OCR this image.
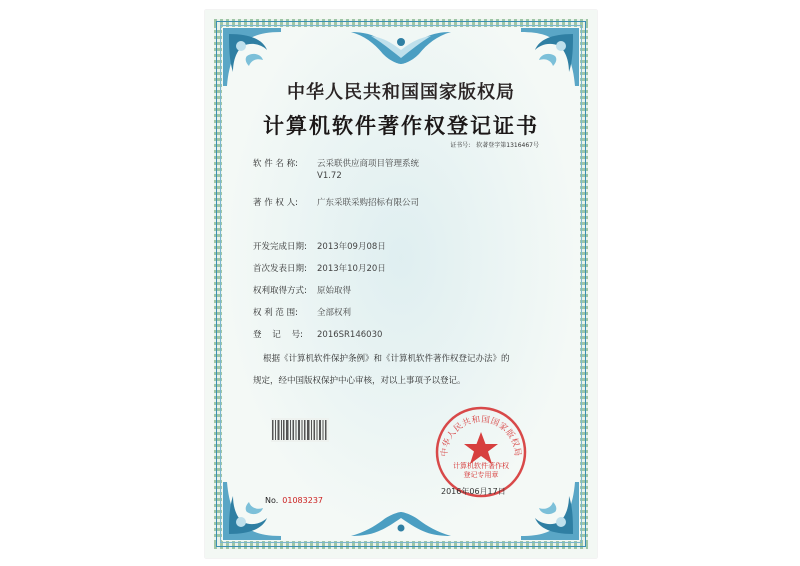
中华人民共和国国家版权局
计算机软件著作权登记证书
证书号: 软著登字第1316467号
软 件 名 称: 云采联供应商项目管理系统
V1.72
著 作 权 人: 广东采联采购招标有限公司
开发完成日期: 2013年09月08日
首次发表日期: 2013年10月20日
权利取得方式: 原始取得
权 利 范 围: 全部权利
登    记    号: 2016SR146030
根据《计算机软件保护条例》和《计算机软件著作权登记办法》的
规定，经中国版权保护中心审核，对以上事项予以登记。
中华人民共和国国家版权局
计算机软件著作权
登记专用章
2016年06月17日
No. 01083237
